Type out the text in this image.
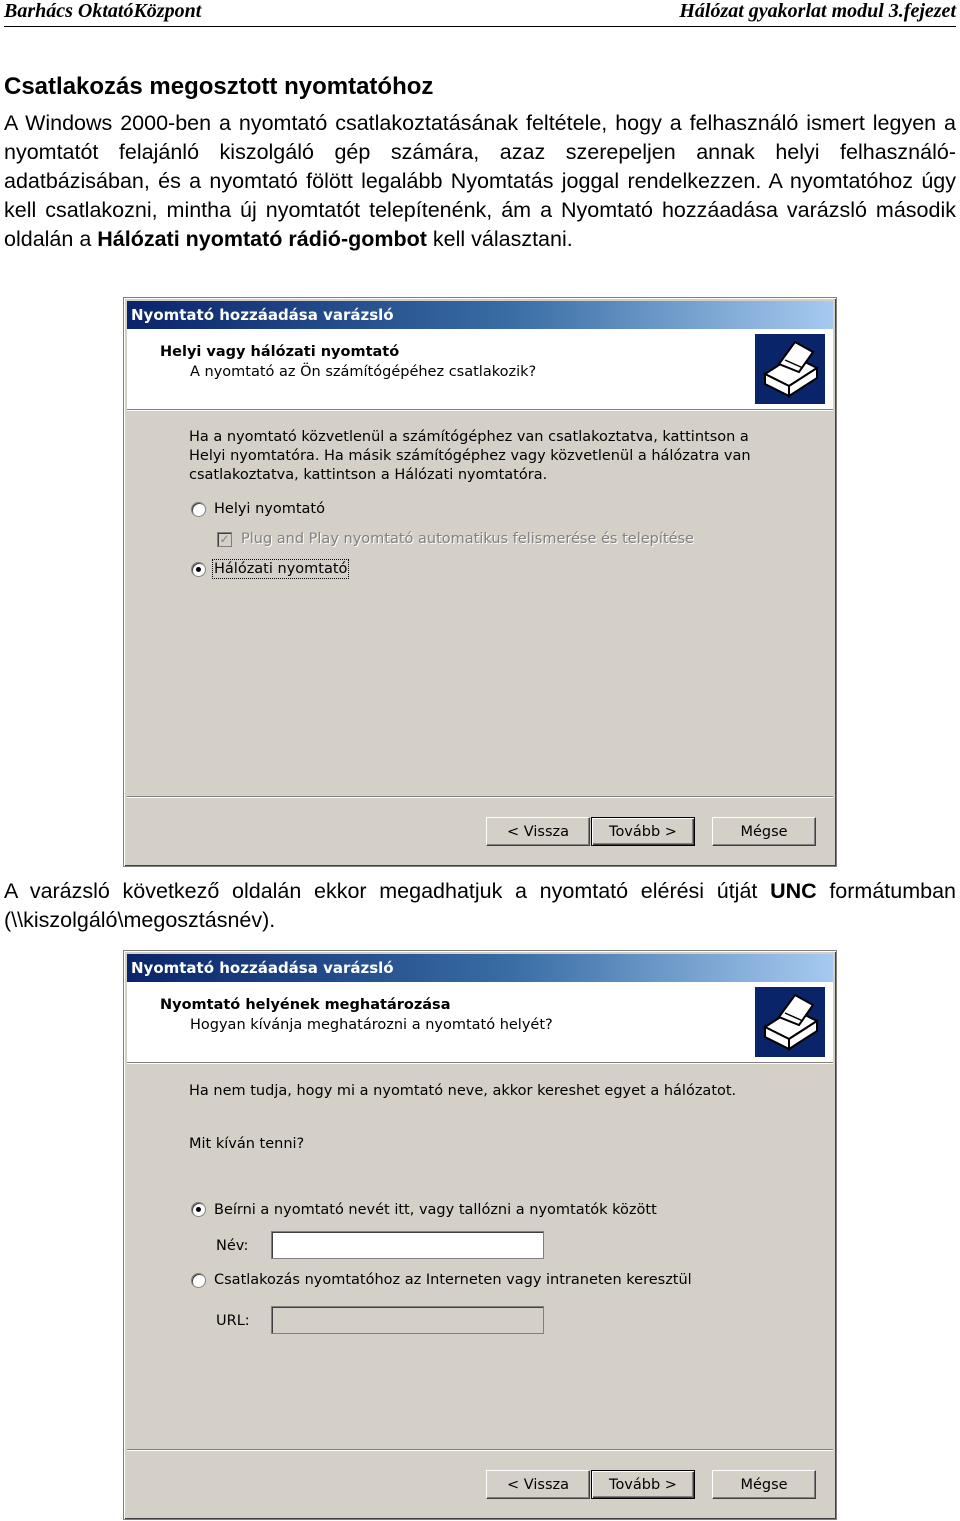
Barhács OktatóKözpont	Hálózat gyakorlat modul 3.fejezet
Csatlakozás megosztott nyomtatóhoz
A Windows 2000-ben a nyomtató csatlakoztatásának feltétele, hogy a felhasználó ismert legyen a nyomtatót felajánló kiszolgáló gép számára, azaz szerepeljen annak helyi felhasználó-adatbázisában, és a nyomtató fölött legalább Nyomtatás joggal rendelkezzen. A nyomtatóhoz úgy kell csatlakozni, mintha új nyomtatót telepítenénk, ám a Nyomtató hozzáadása varázsló második oldalán a Hálózati nyomtató rádió-gombot kell választani.
Nyomtató hozzáadása varázsló
Helyi vagy hálózati nyomtató
A nyomtató az Ön számítógépéhez csatlakozik?
Ha a nyomtató közvetlenül a számítógéphez van csatlakoztatva, kattintson a Helyi nyomtatóra. Ha másik számítógéphez vagy közvetlenül a hálózatra van csatlakoztatva, kattintson a Hálózati nyomtatóra.
Helyi nyomtató
✓ Plug and Play nyomtató automatikus felismerése és telepítése
Hálózati nyomtató
< Vissza	Tovább >	Mégse
A varázsló következő oldalán ekkor megadhatjuk a nyomtató elérési útját UNC formátumban (\\kiszolgáló\megosztásnév).
Nyomtató hozzáadása varázsló
Nyomtató helyének meghatározása
Hogyan kívánja meghatározni a nyomtató helyét?
Ha nem tudja, hogy mi a nyomtató neve, akkor kereshet egyet a hálózatot.
Mit kíván tenni?
Beírni a nyomtató nevét itt, vagy tallózni a nyomtatók között
Név:
Csatlakozás nyomtatóhoz az Interneten vagy intraneten keresztül
URL:
< Vissza	Tovább >	Mégse
